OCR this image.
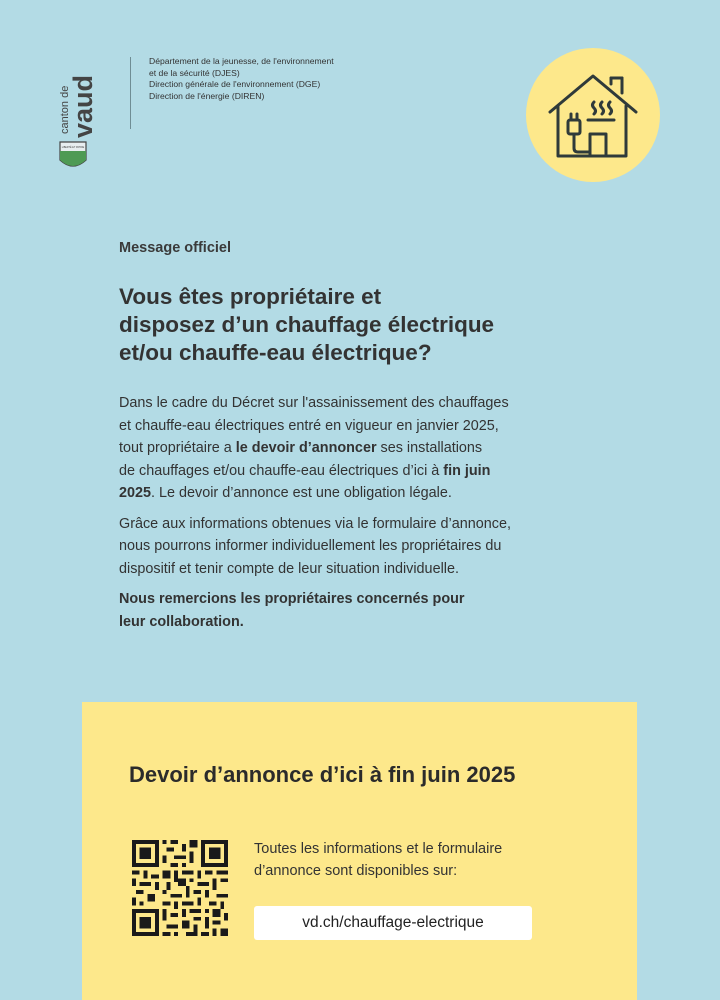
canton de
vaud
LIBERTÉ ET PATRIE
Département de la jeunesse, de l'environnement
et de la sécurité (DJES)
Direction générale de l'environnement (DGE)
Direction de l'énergie (DIREN)
Message officiel
Vous êtes propriétaire et
disposez d’un chauffage électrique
et/ou chauffe-eau électrique?

Dans le cadre du Décret sur l'assainissement des chauffages
et chauffe-eau électriques entré en vigueur en janvier 2025,
tout propriétaire a le devoir d’annoncer ses installations
de chauffages et/ou chauffe-eau électriques d’ici à fin juin
2025. Le devoir d’annonce est une obligation légale.

Grâce aux informations obtenues via le formulaire d’annonce,
nous pourrons informer individuellement les propriétaires du
dispositif et tenir compte de leur situation individuelle.

Nous remercions les propriétaires concernés pour
leur collaboration.

Devoir d’annonce d’ici à fin juin 2025
Toutes les informations et le formulaire
d’annonce sont disponibles sur:
vd.ch/chauffage-electrique
